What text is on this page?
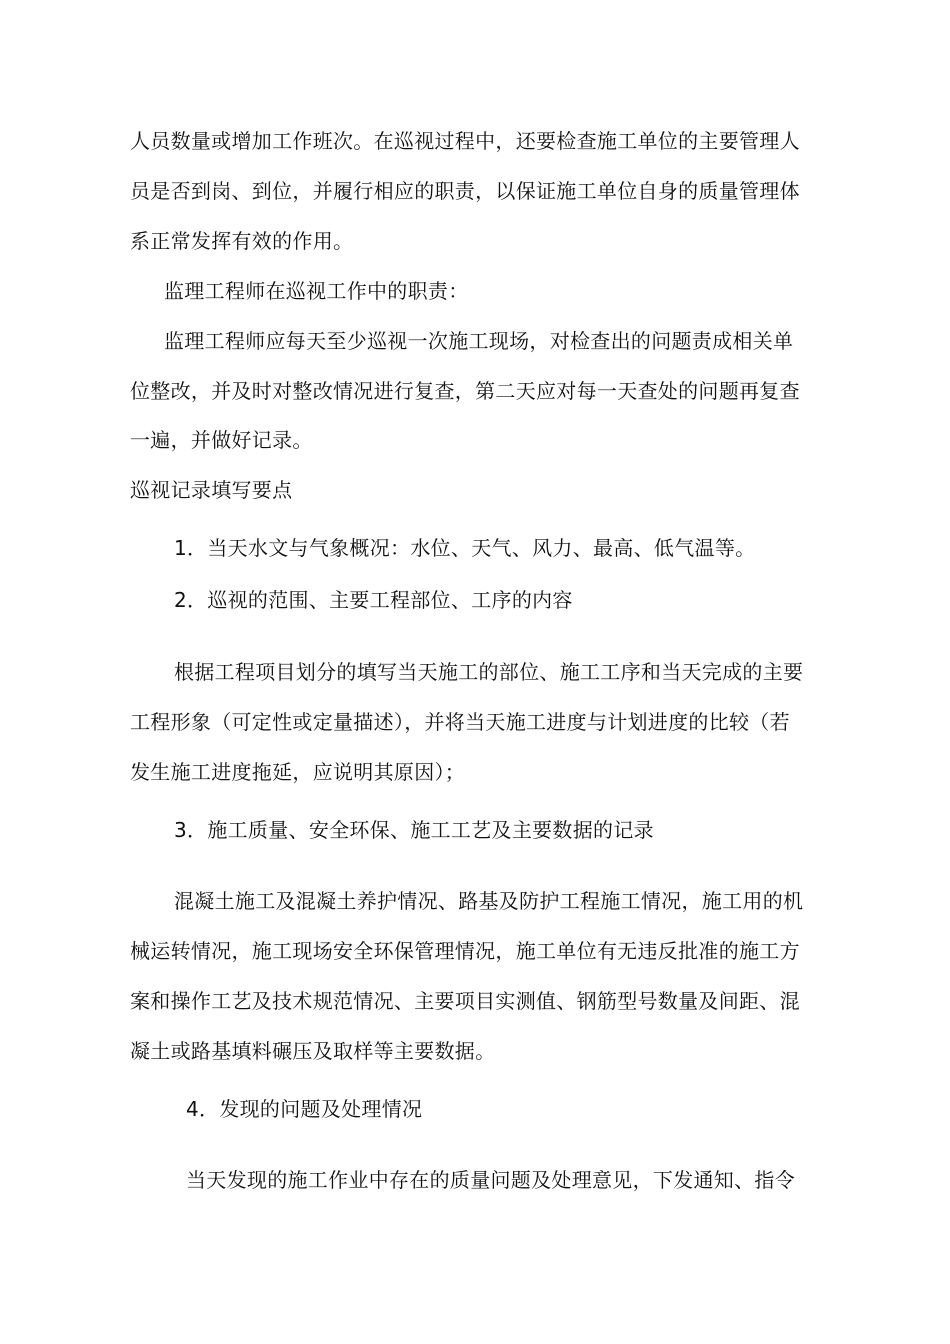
人员数量或增加工作班次。在巡视过程中，还要检查施工单位的主要管理人
员是否到岗、到位，并履行相应的职责，以保证施工单位自身的质量管理体
系正常发挥有效的作用。
监理工程师在巡视工作中的职责：
监理工程师应每天至少巡视一次施工现场，对检查出的问题责成相关单
位整改，并及时对整改情况进行复查，第二天应对每一天查处的问题再复查
一遍，并做好记录。
巡视记录填写要点
1．当天水文与气象概况：水位、天气、风力、最高、低气温等。
2．巡视的范围、主要工程部位、工序的内容
根据工程项目划分的填写当天施工的部位、施工工序和当天完成的主要
工程形象（可定性或定量描述），并将当天施工进度与计划进度的比较（若
发生施工进度拖延，应说明其原因）；
3．施工质量、安全环保、施工工艺及主要数据的记录
混凝土施工及混凝土养护情况、路基及防护工程施工情况，施工用的机
械运转情况，施工现场安全环保管理情况，施工单位有无违反批准的施工方
案和操作工艺及技术规范情况、主要项目实测值、钢筋型号数量及间距、混
凝土或路基填料碾压及取样等主要数据。
4．发现的问题及处理情况
当天发现的施工作业中存在的质量问题及处理意见，下发通知、指令
